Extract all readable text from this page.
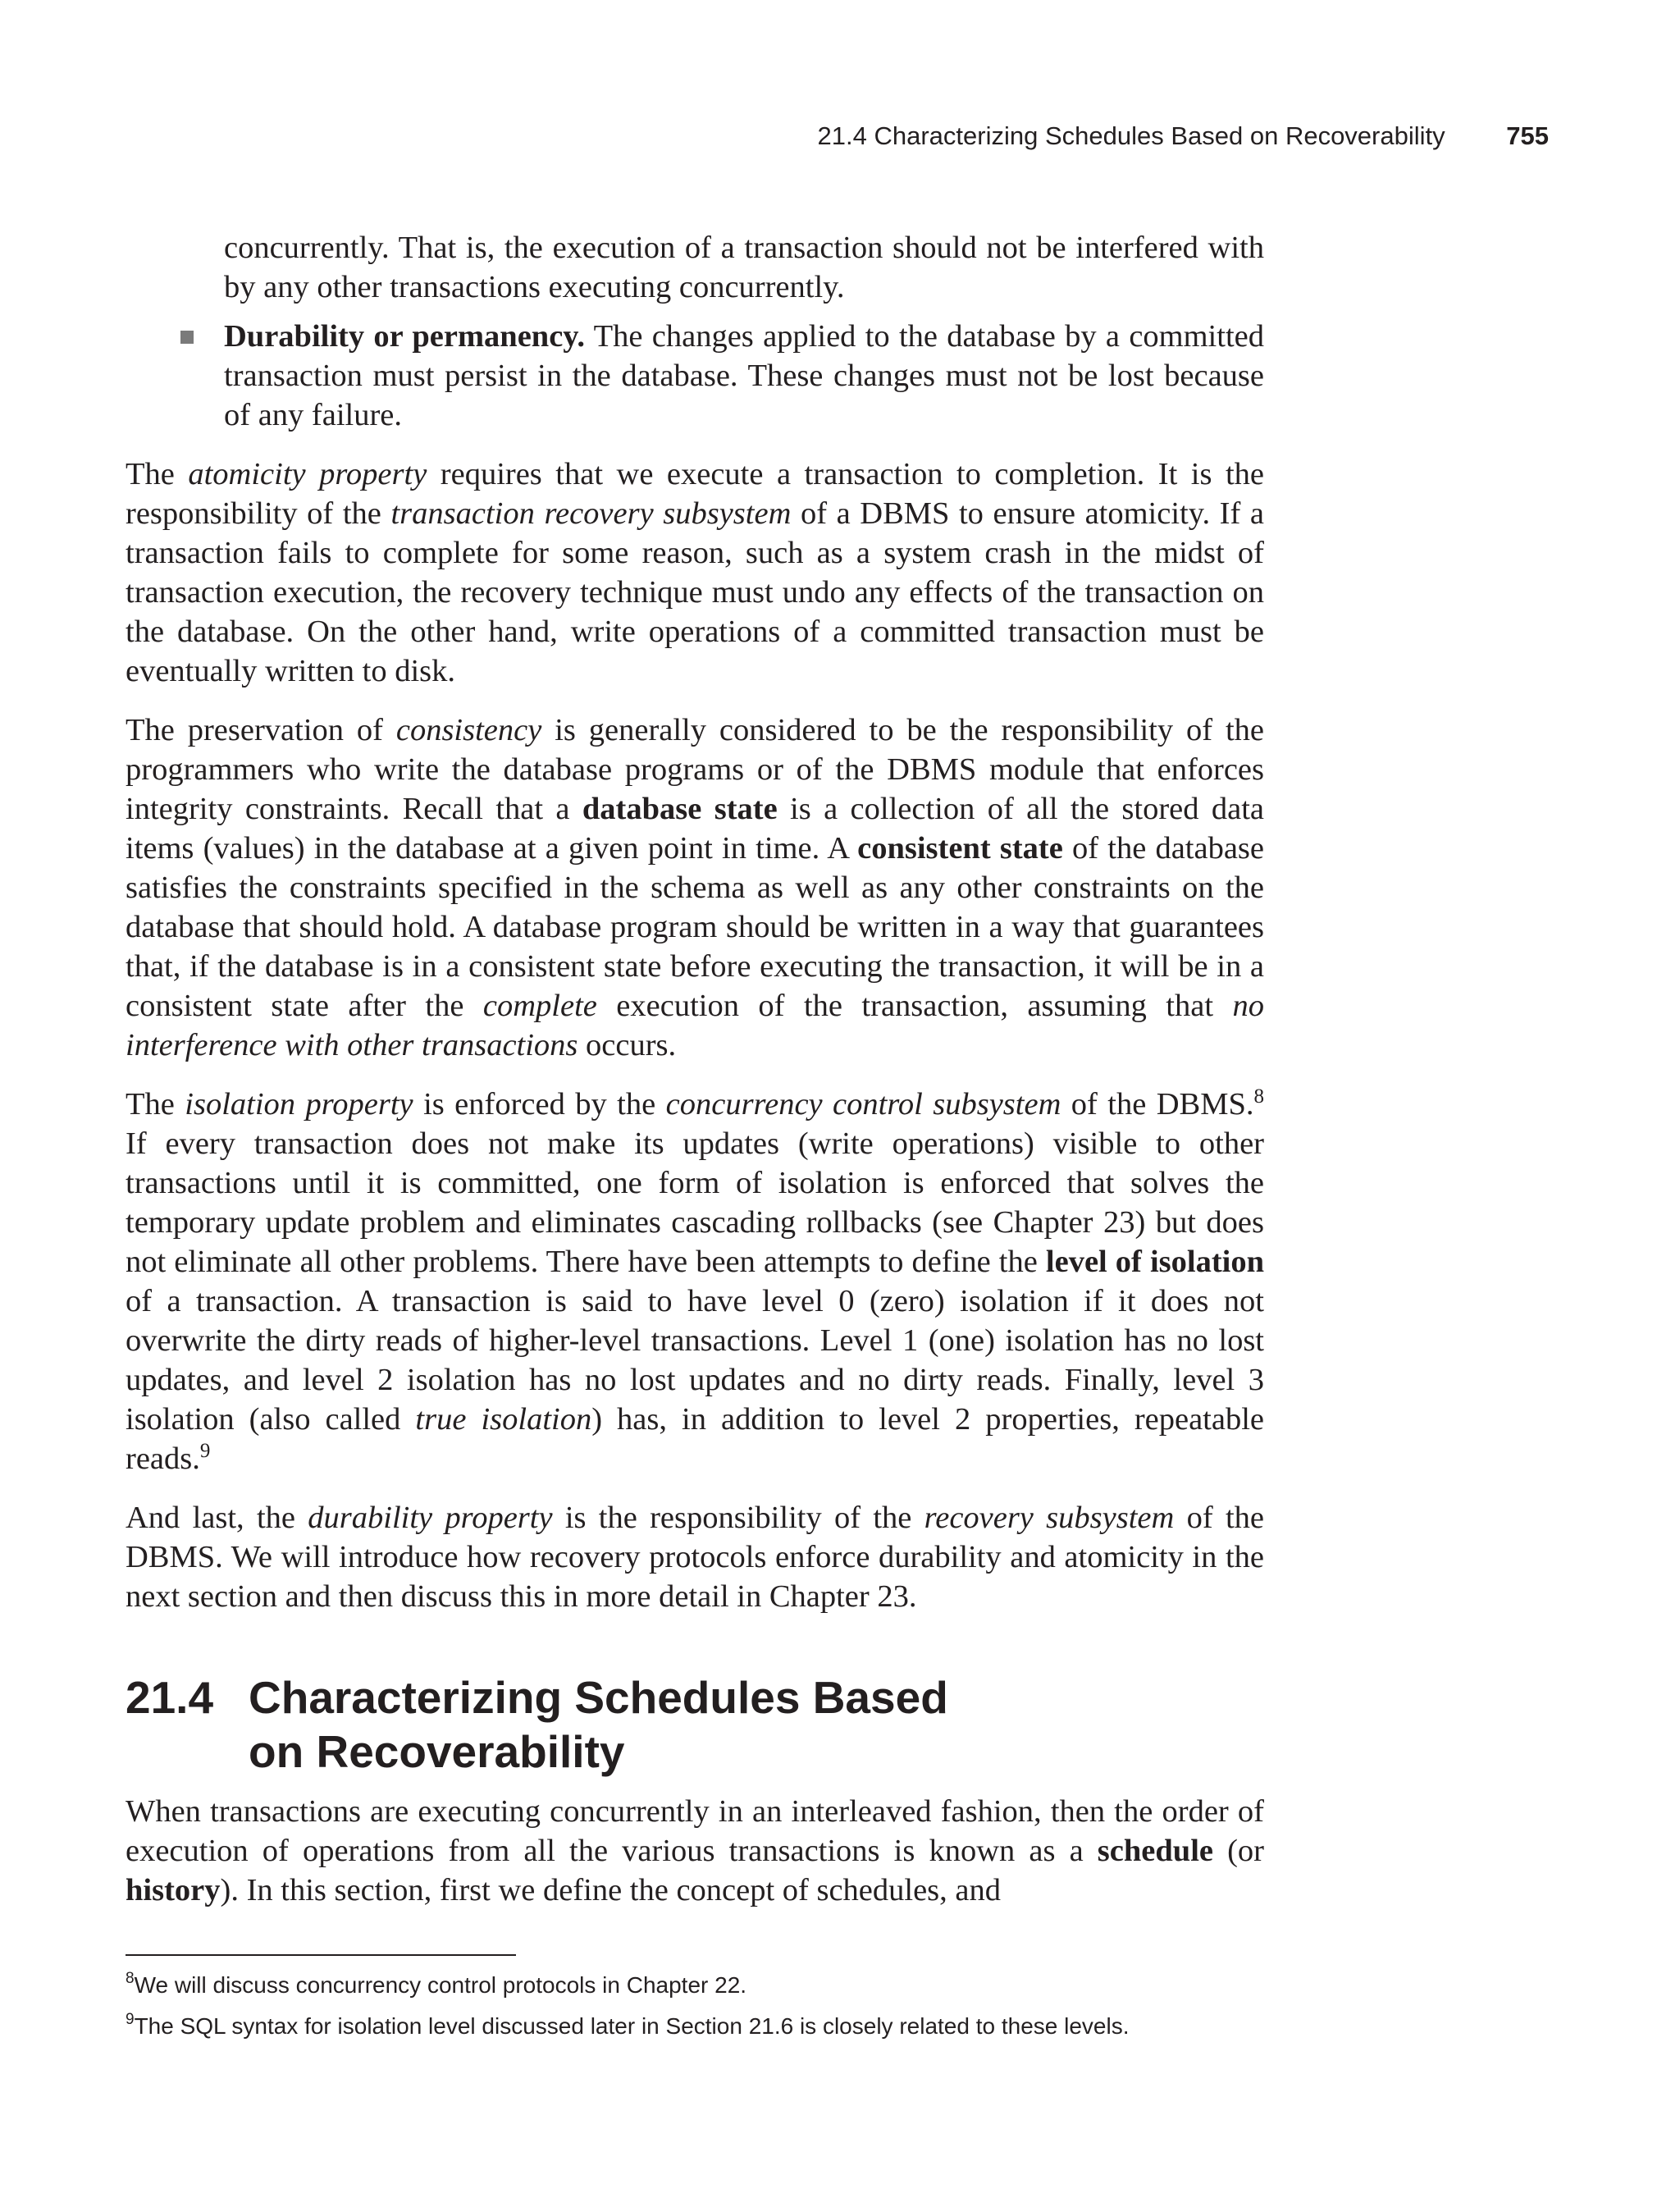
21.4 Characterizing Schedules Based on Recoverability 755

concurrently. That is, the execution of a transaction should not be interfered with by any other transactions executing concurrently.

Durability or permanency. The changes applied to the database by a committed transaction must persist in the database. These changes must not be lost because of any failure.

The atomicity property requires that we execute a transaction to completion. It is the responsibility of the transaction recovery subsystem of a DBMS to ensure atomicity. If a transaction fails to complete for some reason, such as a system crash in the midst of transaction execution, the recovery technique must undo any effects of the transaction on the database. On the other hand, write operations of a committed transaction must be eventually written to disk.

The preservation of consistency is generally considered to be the responsibility of the programmers who write the database programs or of the DBMS module that enforces integrity constraints. Recall that a database state is a collection of all the stored data items (values) in the database at a given point in time. A consistent state of the database satisfies the constraints specified in the schema as well as any other constraints on the database that should hold. A database program should be written in a way that guarantees that, if the database is in a consistent state before executing the transaction, it will be in a consistent state after the complete execution of the transaction, assuming that no interference with other transactions occurs.

The isolation property is enforced by the concurrency control subsystem of the DBMS.$^8$ If every transaction does not make its updates (write operations) visible to other transactions until it is committed, one form of isolation is enforced that solves the temporary update problem and eliminates cascading rollbacks (see Chapter 23) but does not eliminate all other problems. There have been attempts to define the level of isolation of a transaction. A transaction is said to have level 0 (zero) isolation if it does not overwrite the dirty reads of higher-level transactions. Level 1 (one) isolation has no lost updates, and level 2 isolation has no lost updates and no dirty reads. Finally, level 3 isolation (also called true isolation) has, in addition to level 2 properties, repeatable reads.$^9$

And last, the durability property is the responsibility of the recovery subsystem of the DBMS. We will introduce how recovery protocols enforce durability and atomicity in the next section and then discuss this in more detail in Chapter 23.

21.4 Characterizing Schedules Based
on Recoverability

When transactions are executing concurrently in an interleaved fashion, then the order of execution of operations from all the various transactions is known as a schedule (or history). In this section, first we define the concept of schedules, and

$^8$We will discuss concurrency control protocols in Chapter 22.

$^9$The SQL syntax for isolation level discussed later in Section 21.6 is closely related to these levels.
